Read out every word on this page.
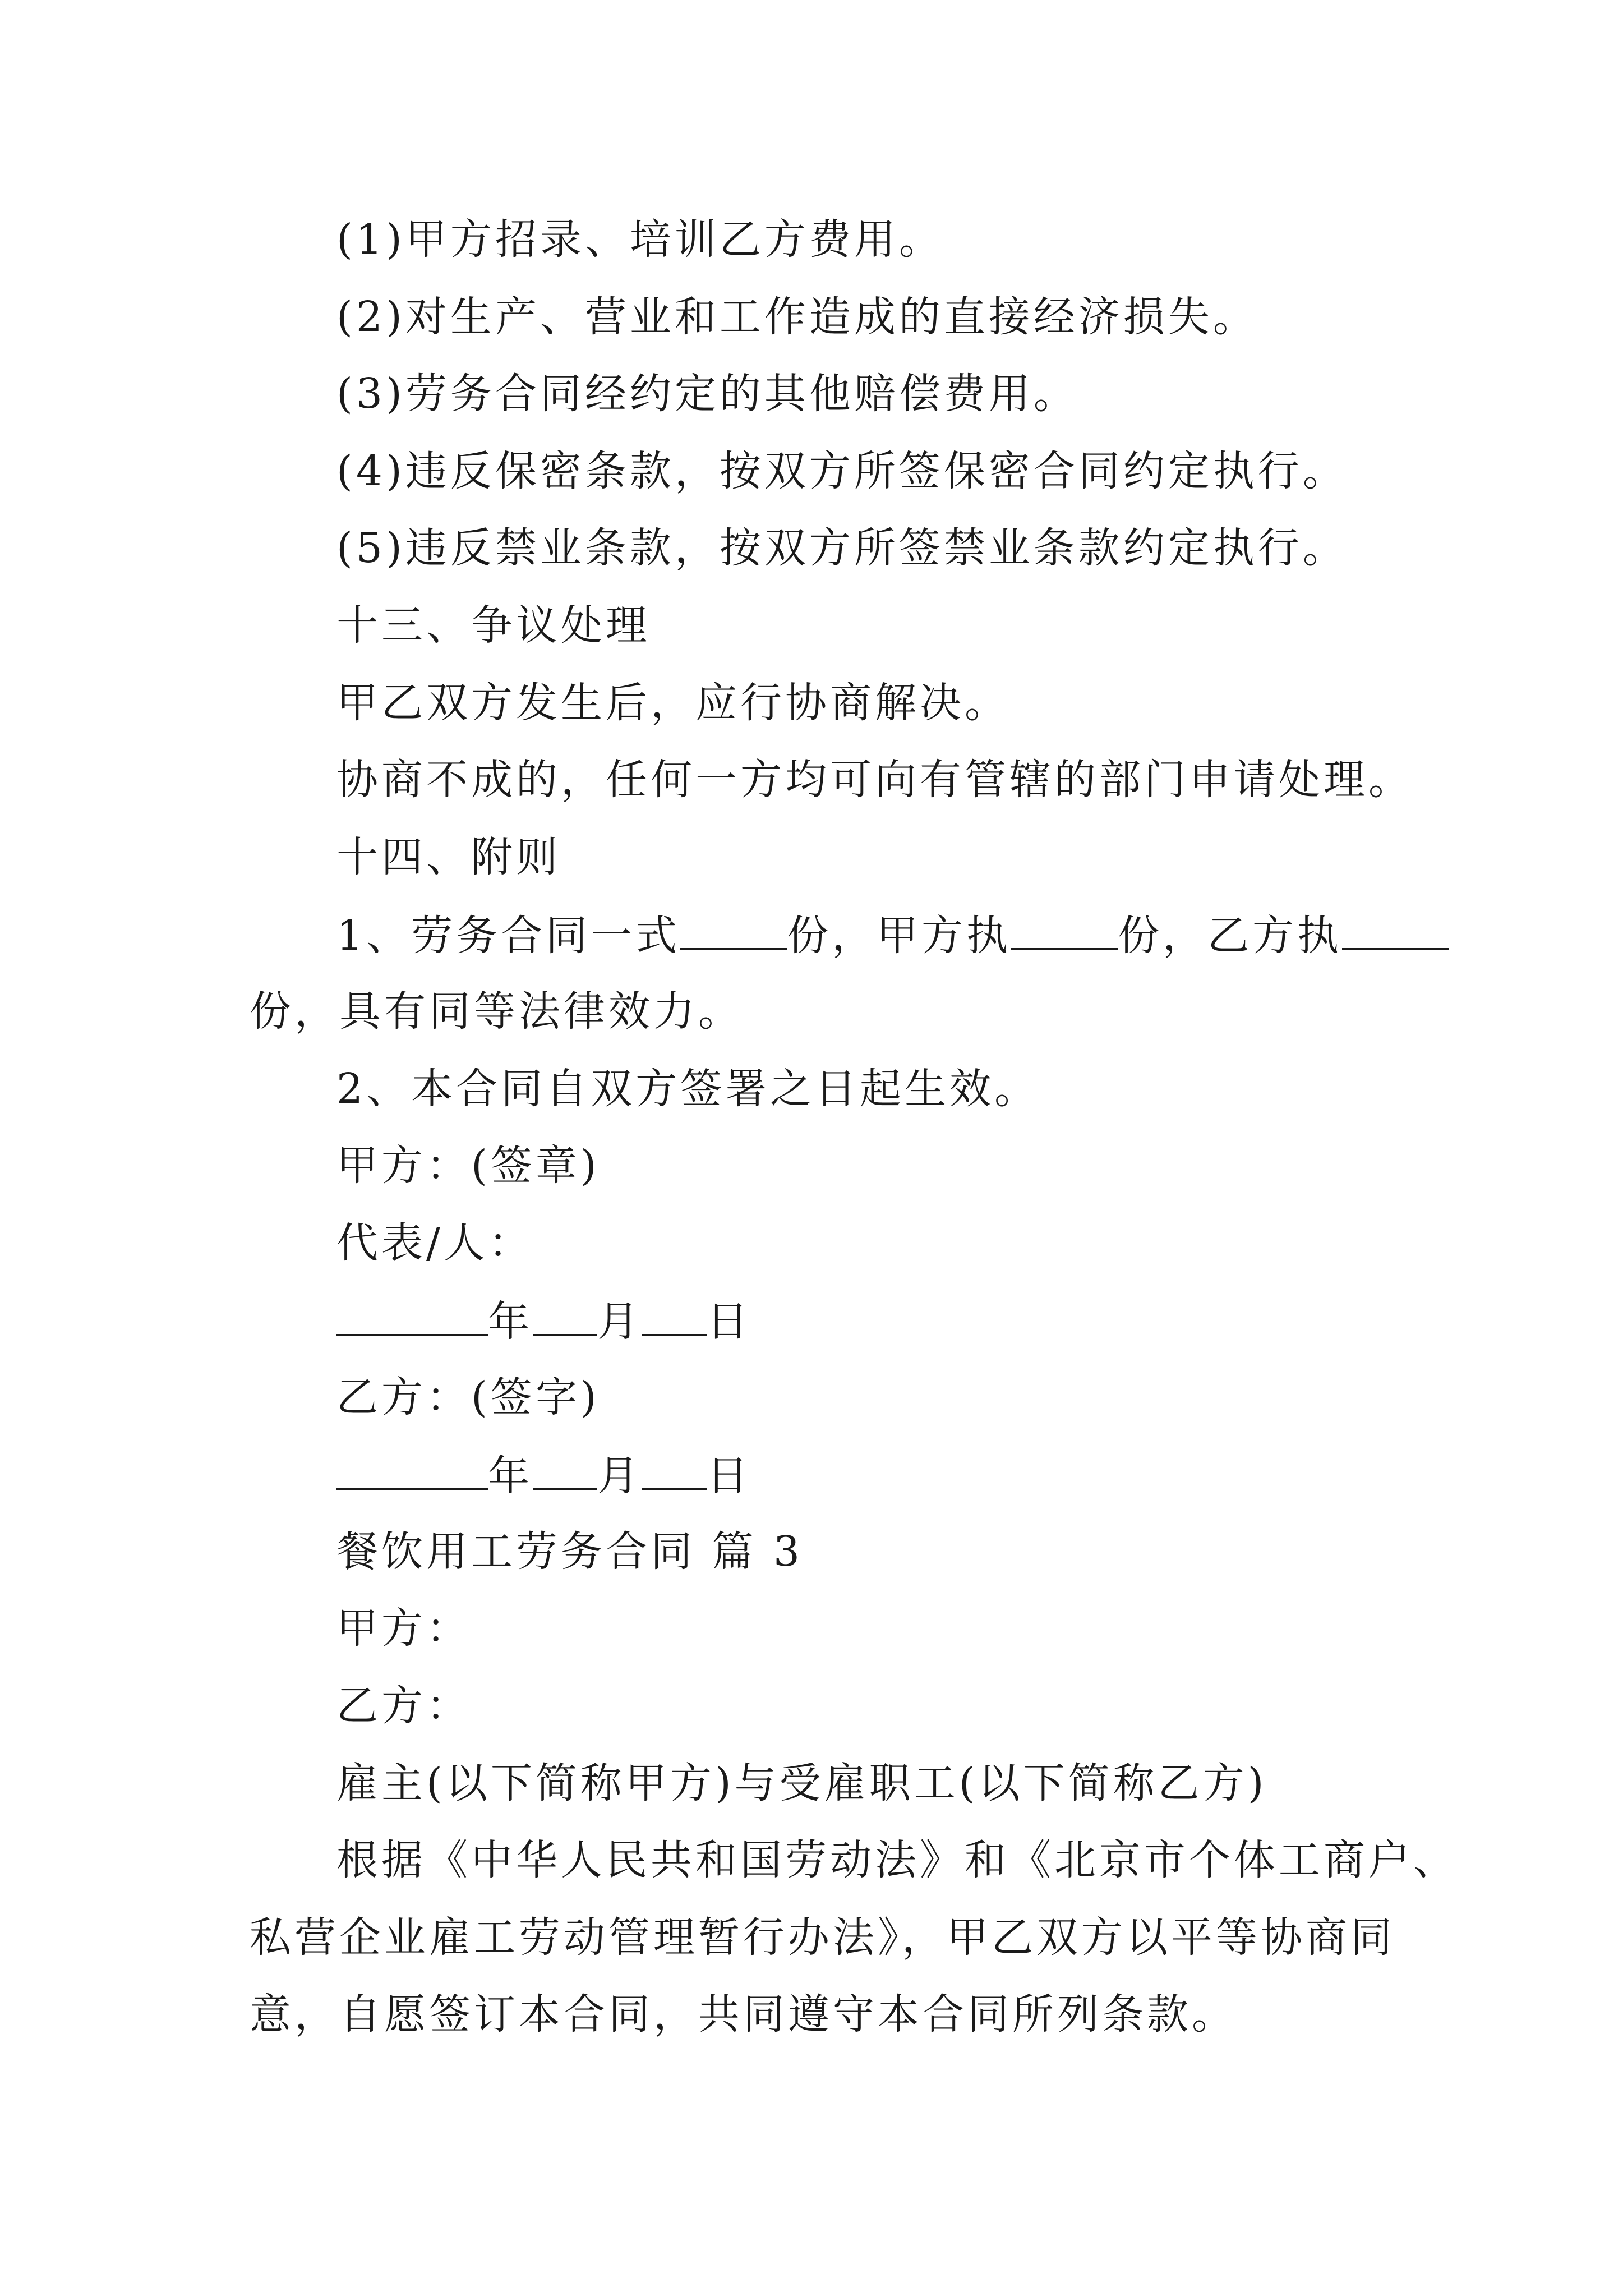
(1)甲方招录、培训乙方费用。
(2)对生产、营业和工作造成的直接经济损失。
(3)劳务合同经约定的其他赔偿费用。
(4)违反保密条款，按双方所签保密合同约定执行。
(5)违反禁业条款，按双方所签禁业条款约定执行。
十三、争议处理
甲乙双方发生后，应行协商解决。
协商不成的，任何一方均可向有管辖的部门申请处理。
十四、附则
1、劳务合同一式	份，甲方执	份，乙方执
份，具有同等法律效力。
2、本合同自双方签署之日起生效。
甲方：(签章)
代表/人：
年 月 日
乙方：(签字)
年 月 日
餐饮用工劳务合同 篇 3
甲方：
乙方：
雇主(以下简称甲方)与受雇职工(以下简称乙方)
根据《中华人民共和国劳动法》和《北京市个体工商户、
私营企业雇工劳动管理暂行办法》，甲乙双方以平等协商同
意，自愿签订本合同，共同遵守本合同所列条款。
